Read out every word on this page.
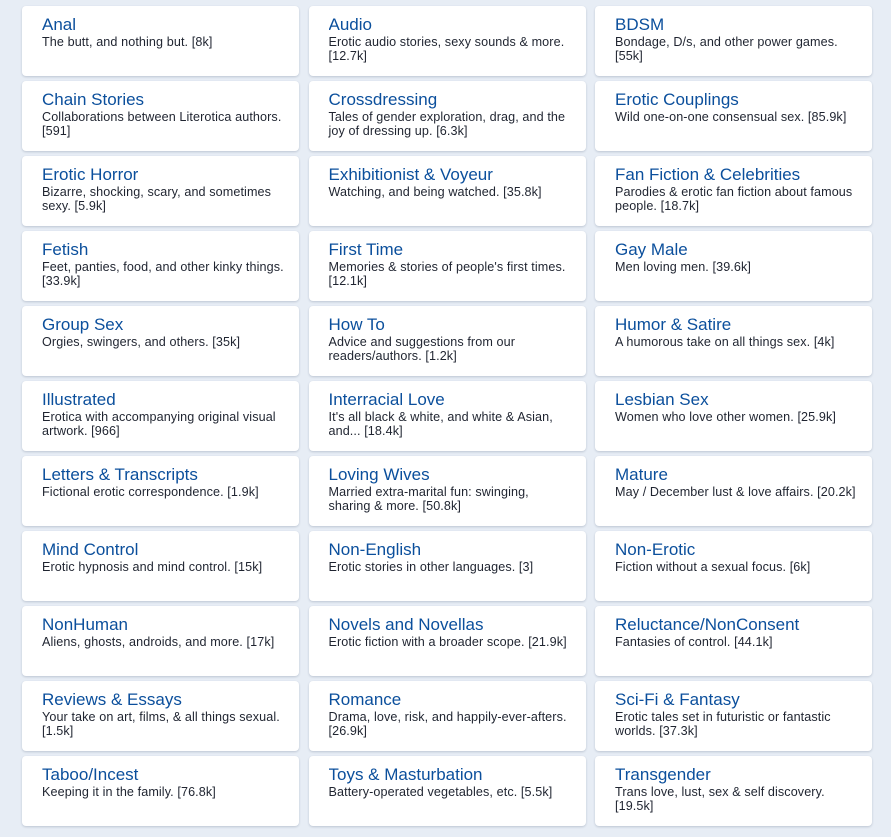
Anal
The butt, and nothing but. [8k]
Audio
Erotic audio stories, sexy sounds & more. [12.7k]
BDSM
Bondage, D/s, and other power games. [55k]
Chain Stories
Collaborations between Literotica authors. [591]
Crossdressing
Tales of gender exploration, drag, and the joy of dressing up. [6.3k]
Erotic Couplings
Wild one-on-one consensual sex. [85.9k]
Erotic Horror
Bizarre, shocking, scary, and sometimes sexy. [5.9k]
Exhibitionist & Voyeur
Watching, and being watched. [35.8k]
Fan Fiction & Celebrities
Parodies & erotic fan fiction about famous people. [18.7k]
Fetish
Feet, panties, food, and other kinky things. [33.9k]
First Time
Memories & stories of people's first times. [12.1k]
Gay Male
Men loving men. [39.6k]
Group Sex
Orgies, swingers, and others. [35k]
How To
Advice and suggestions from our readers/authors. [1.2k]
Humor & Satire
A humorous take on all things sex. [4k]
Illustrated
Erotica with accompanying original visual artwork. [966]
Interracial Love
It's all black & white, and white & Asian, and... [18.4k]
Lesbian Sex
Women who love other women. [25.9k]
Letters & Transcripts
Fictional erotic correspondence. [1.9k]
Loving Wives
Married extra-marital fun: swinging, sharing & more. [50.8k]
Mature
May / December lust & love affairs. [20.2k]
Mind Control
Erotic hypnosis and mind control. [15k]
Non-English
Erotic stories in other languages. [3]
Non-Erotic
Fiction without a sexual focus. [6k]
NonHuman
Aliens, ghosts, androids, and more. [17k]
Novels and Novellas
Erotic fiction with a broader scope. [21.9k]
Reluctance/NonConsent
Fantasies of control. [44.1k]
Reviews & Essays
Your take on art, films, & all things sexual. [1.5k]
Romance
Drama, love, risk, and happily-ever-afters. [26.9k]
Sci-Fi & Fantasy
Erotic tales set in futuristic or fantastic worlds. [37.3k]
Taboo/Incest
Keeping it in the family. [76.8k]
Toys & Masturbation
Battery-operated vegetables, etc. [5.5k]
Transgender
Trans love, lust, sex & self discovery. [19.5k]
